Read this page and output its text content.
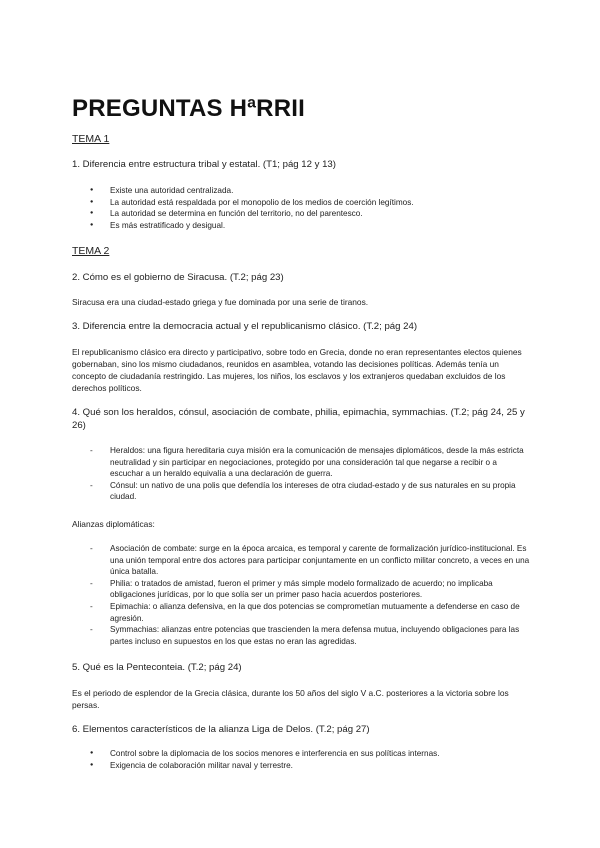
PREGUNTAS HªRRII
TEMA 1
1. Diferencia entre estructura tribal y estatal. (T1; pág 12 y 13)
● Existe una autoridad centralizada.
● La autoridad está respaldada por el monopolio de los medios de coerción legítimos.
● La autoridad se determina en función del territorio, no del parentesco.
● Es más estratificado y desigual.
TEMA 2
2. Cómo es el gobierno de Siracusa. (T.2; pág 23)
Siracusa era una ciudad-estado griega y fue dominada por una serie de tiranos.
3. Diferencia entre la democracia actual y el republicanismo clásico. (T.2; pág 24)
El republicanismo clásico era directo y participativo, sobre todo en Grecia, donde no eran representantes electos quienes gobernaban, sino los mismo ciudadanos, reunidos en asamblea, votando las decisiones políticas. Además tenía un concepto de ciudadanía restringido. Las mujeres, los niños, los esclavos y los extranjeros quedaban excluidos de los derechos políticos.
4. Qué son los heraldos, cónsul, asociación de combate, philia, epimachia, symmachias. (T.2; pág 24, 25 y 26)
- Heraldos: una figura hereditaria cuya misión era la comunicación de mensajes diplomáticos, desde la más estricta neutralidad y sin participar en negociaciones, protegido por una consideración tal que negarse a recibir o a escuchar a un heraldo equivalía a una declaración de guerra.
- Cónsul: un nativo de una polis que defendía los intereses de otra ciudad-estado y de sus naturales en su propia ciudad.
Alianzas diplomáticas:
- Asociación de combate: surge en la época arcaica, es temporal y carente de formalización jurídico-institucional. Es una unión temporal entre dos actores para participar conjuntamente en un conflicto militar concreto, a veces en una única batalla.
- Philia: o tratados de amistad, fueron el primer y más simple modelo formalizado de acuerdo; no implicaba obligaciones jurídicas, por lo que solía ser un primer paso hacia acuerdos posteriores.
- Epimachia: o alianza defensiva, en la que dos potencias se comprometían mutuamente a defenderse en caso de agresión.
- Symmachias: alianzas entre potencias que trascienden la mera defensa mutua, incluyendo obligaciones para las partes incluso en supuestos en los que estas no eran las agredidas.
5. Qué es la Penteconteia. (T.2; pág 24)
Es el periodo de esplendor de la Grecia clásica, durante los 50 años del siglo V a.C. posteriores a la victoria sobre los persas.
6. Elementos característicos de la alianza Liga de Delos. (T.2; pág 27)
● Control sobre la diplomacia de los socios menores e interferencia en sus políticas internas.
● Exigencia de colaboración militar naval y terrestre.
